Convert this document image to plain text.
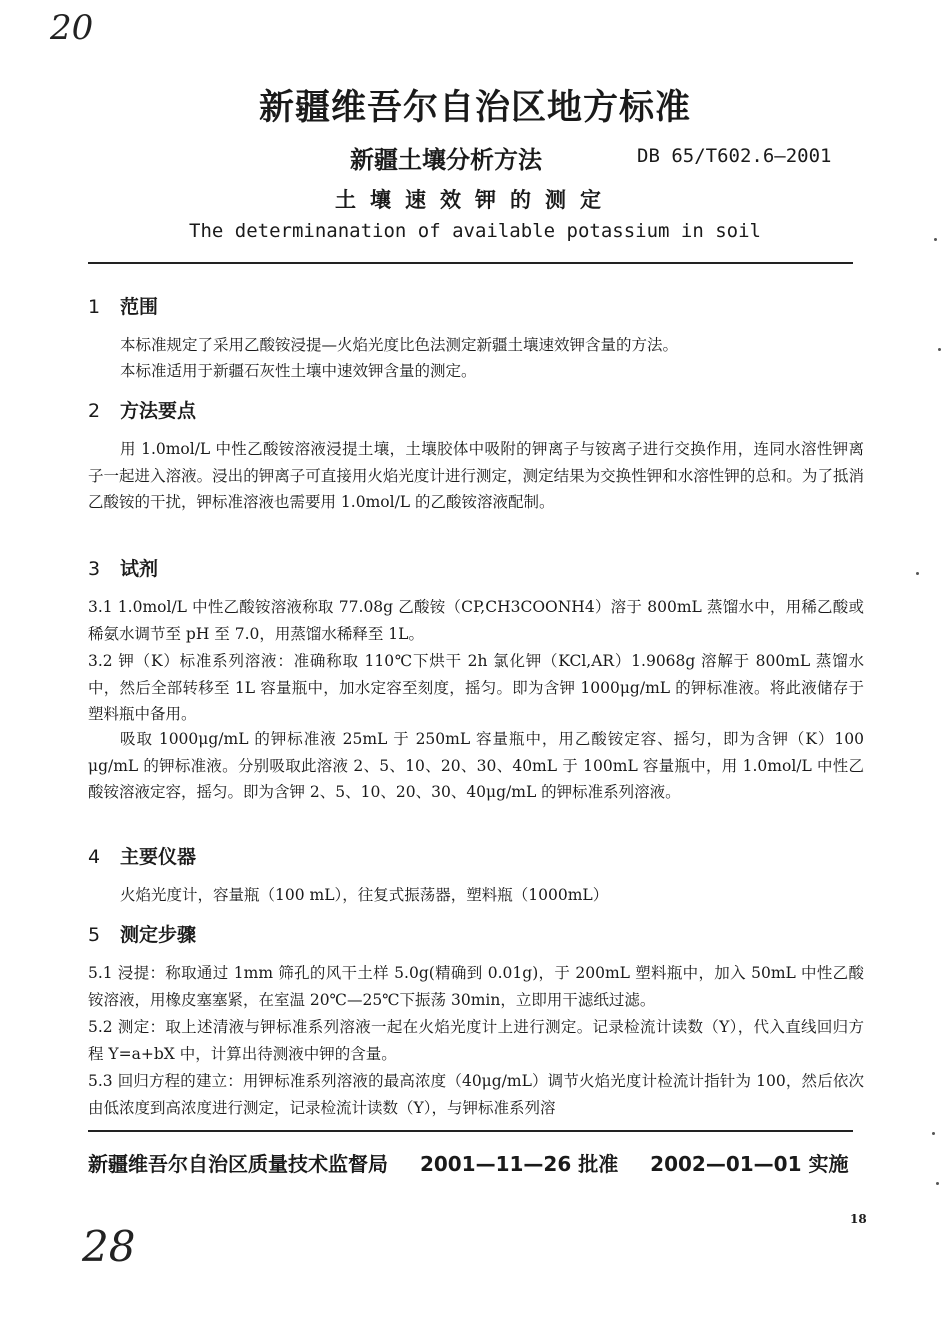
20
28
新疆维吾尔自治区地方标准
新疆土壤分析方法	DB 65/T602.6—2001
土壤速效钾的测定
The determinanation of available potassium in soil
1 范围
本标准规定了采用乙酸铵浸提—火焰光度比色法测定新疆土壤速效钾含量的方法。
本标准适用于新疆石灰性土壤中速效钾含量的测定。
2 方法要点
用 1.0mol/L 中性乙酸铵溶液浸提土壤，土壤胶体中吸附的钾离子与铵离子进行交换作用，连同水溶性钾离子一起进入溶液。浸出的钾离子可直接用火焰光度计进行测定，测定结果为交换性钾和水溶性钾的总和。为了抵消乙酸铵的干扰，钾标准溶液也需要用 1.0mol/L 的乙酸铵溶液配制。
3 试剂
3.1 1.0mol/L 中性乙酸铵溶液称取 77.08g 乙酸铵（CP,CH3COONH4）溶于 800mL 蒸馏水中，用稀乙酸或稀氨水调节至 pH 至 7.0，用蒸馏水稀释至 1L。
3.2 钾（K）标准系列溶液：准确称取 110℃下烘干 2h 氯化钾（KCl,AR）1.9068g 溶解于 800mL 蒸馏水中，然后全部转移至 1L 容量瓶中，加水定容至刻度，摇匀。即为含钾 1000μg/mL 的钾标准液。将此液储存于塑料瓶中备用。
吸取 1000μg/mL 的钾标准液 25mL 于 250mL 容量瓶中，用乙酸铵定容、摇匀，即为含钾（K）100 μg/mL 的钾标准液。分别吸取此溶液 2、5、10、20、30、40mL 于 100mL 容量瓶中，用 1.0mol/L 中性乙酸铵溶液定容，摇匀。即为含钾 2、5、10、20、30、40μg/mL 的钾标准系列溶液。
4 主要仪器
火焰光度计，容量瓶（100 mL），往复式振荡器，塑料瓶（1000mL）
5 测定步骤
5.1 浸提：称取通过 1mm 筛孔的风干土样 5.0g(精确到 0.01g)，于 200mL 塑料瓶中，加入 50mL 中性乙酸铵溶液，用橡皮塞塞紧，在室温 20℃—25℃下振荡 30min，立即用干滤纸过滤。
5.2 测定：取上述清液与钾标准系列溶液一起在火焰光度计上进行测定。记录检流计读数（Y），代入直线回归方程 Y=a+bX 中，计算出待测液中钾的含量。
5.3 回归方程的建立：用钾标准系列溶液的最高浓度（40μg/mL）调节火焰光度计检流计指针为 100，然后依次由低浓度到高浓度进行测定，记录检流计读数（Y），与钾标准系列溶
新疆维吾尔自治区质量技术监督局 2001—11—26 批准 2002—01—01 实施
18
